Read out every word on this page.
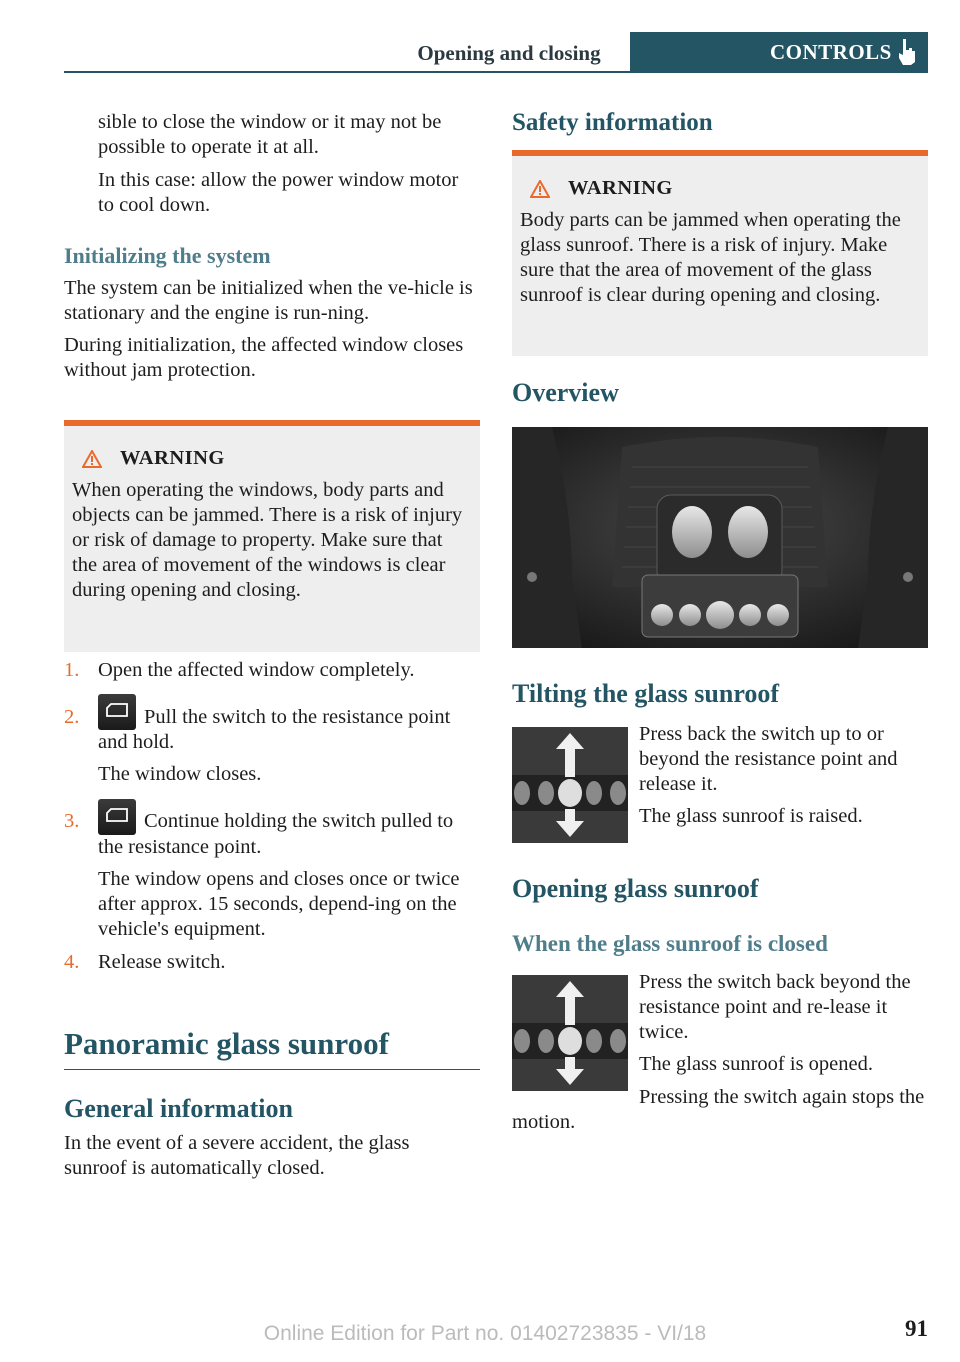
Opening and closing	CONTROLS

sible to close the window or it may not be possible to operate it at all.

In this case: allow the power window motor to cool down.

Initializing the system

The system can be initialized when the ve-hicle is stationary and the engine is run-ning.

During initialization, the affected window closes without jam protection.

WARNING

When operating the windows, body parts and objects can be jammed. There is a risk of injury or risk of damage to property. Make sure that the area of movement of the windows is clear during opening and closing.

1. Open the affected window completely.

2.	Pull the switch to the resistance point and hold.

The window closes.

3.	Continue holding the switch pulled to the resistance point.

The window opens and closes once or twice after approx. 15 seconds, depend-ing on the vehicle's equipment.

4. Release switch.

Panoramic glass sunroof
General information
In the event of a severe accident, the glass sunroof is automatically closed.
Safety information
WARNING

Body parts can be jammed when operating the glass sunroof. There is a risk of injury. Make sure that the area of movement of the glass sunroof is clear during opening and closing.

Overview
Tilting the glass sunroof

Press back the switch up to or beyond the resistance point and release it.

The glass sunroof is raised.

Opening glass sunroof
When the glass sunroof is closed

Press the switch back beyond the resistance point and re-lease it twice.

The glass sunroof is opened.

Pressing the switch again stops the motion.
91
Online Edition for Part no. 01402723835 - VI/18
